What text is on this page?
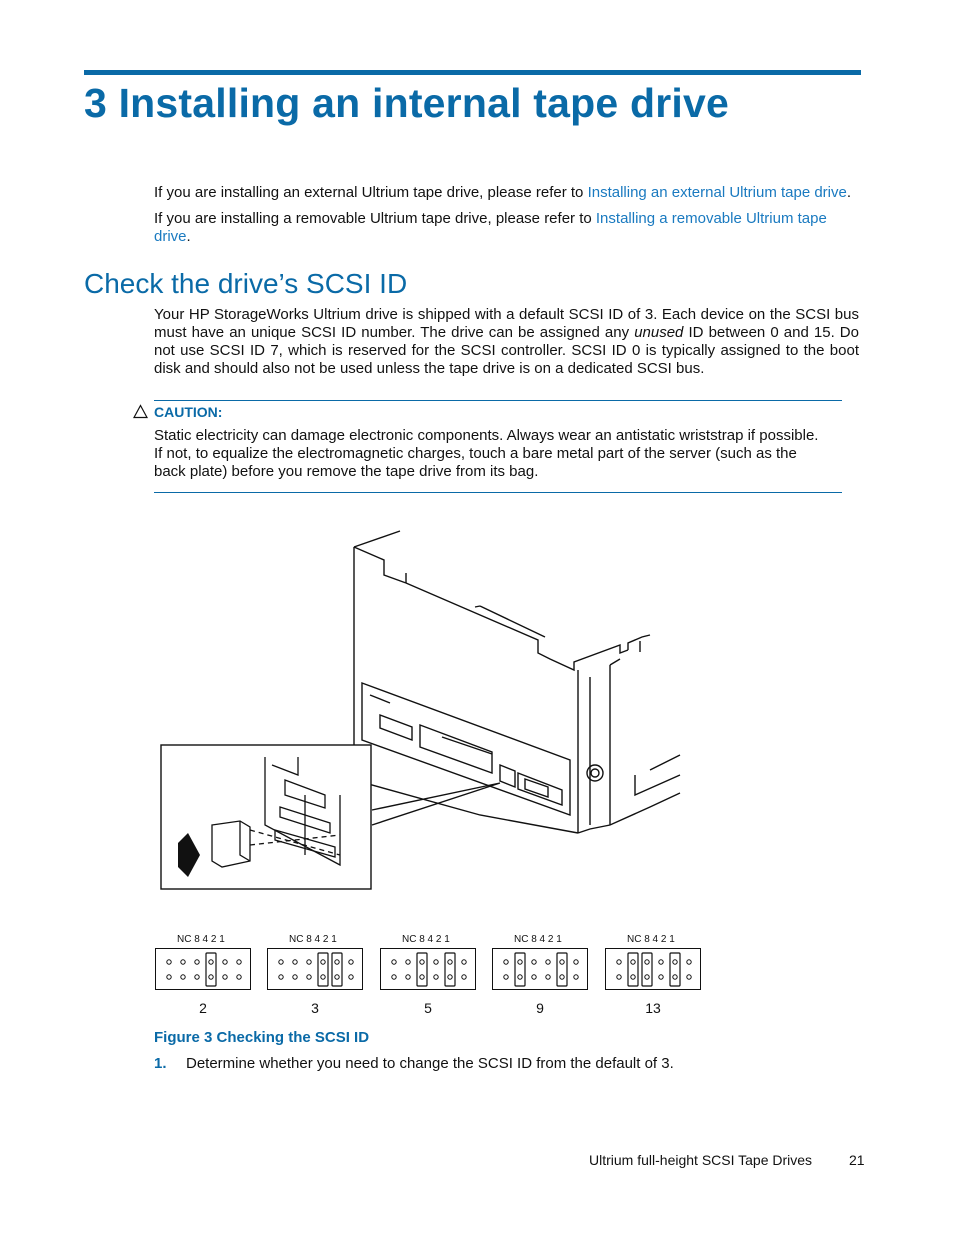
3 Installing an internal tape drive
If you are installing an external Ultrium tape drive, please refer to Installing an external Ultrium tape drive.
If you are installing a removable Ultrium tape drive, please refer to Installing a removable Ultrium tape drive.
Check the drive’s SCSI ID
Your HP StorageWorks Ultrium drive is shipped with a default SCSI ID of 3. Each device on the SCSI bus must have an unique SCSI ID number. The drive can be assigned any unused ID between 0 and 15. Do not use SCSI ID 7, which is reserved for the SCSI controller. SCSI ID 0 is typically assigned to the boot disk and should also not be used unless the tape drive is on a dedicated SCSI bus.
CAUTION:
Static electricity can damage electronic components. Always wear an antistatic wriststrap if possible. If not, to equalize the electromagnetic charges, touch a bare metal part of the server (such as the back plate) before you remove the tape drive from its bag.
NC 8 4 2 1
2
NC 8 4 2 1
3
NC 8 4 2 1
5
NC 8 4 2 1
9
NC 8 4 2 1
13
Figure 3 Checking the SCSI ID
1. Determine whether you need to change the SCSI ID from the default of 3.
Ultrium full-height SCSI Tape Drives	21
